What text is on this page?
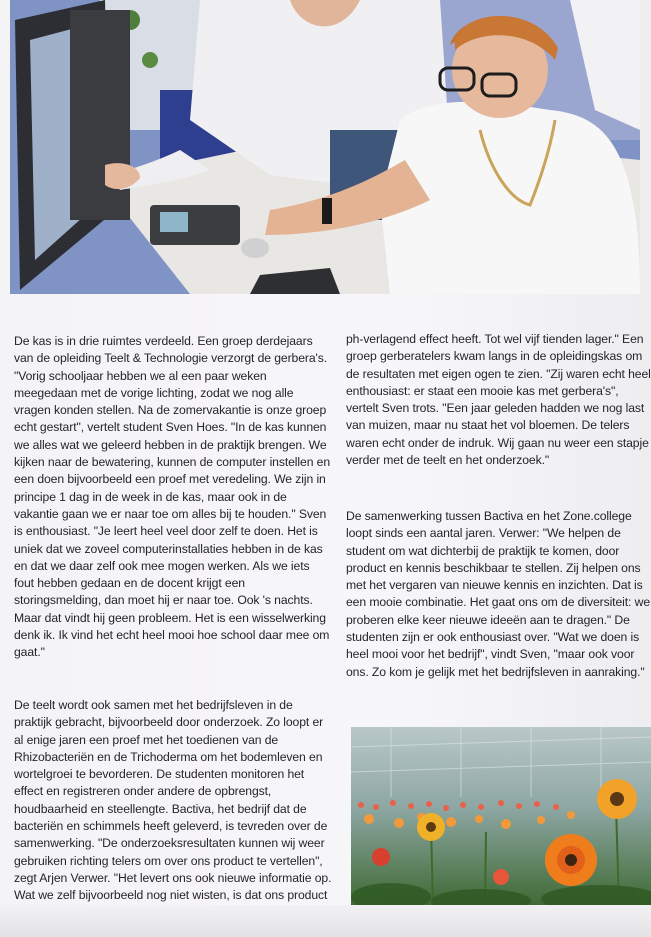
De kas is in drie ruimtes verdeeld. Een groep derdejaars van de opleiding Teelt & Technologie verzorgt de gerbera's. "Vorig schooljaar hebben we al een paar weken meegedaan met de vorige lichting, zodat we nog alle vragen konden stellen. Na de zomervakantie is onze groep echt gestart", vertelt student Sven Hoes. "In de kas kunnen we alles wat we geleerd hebben in de praktijk brengen. We kijken naar de bewatering, kunnen de computer instellen en een doen bijvoorbeeld een proef met veredeling. We zijn in principe 1 dag in de week in de kas, maar ook in de vakantie gaan we er naar toe om alles bij te houden." Sven is enthousiast. "Je leert heel veel door zelf te doen. Het is uniek dat we zoveel computerinstallaties hebben in de kas en dat we daar zelf ook mee mogen werken. Als we iets fout hebben gedaan en de docent krijgt een storingsmelding, dan moet hij er naar toe. Ook 's nachts. Maar dat vindt hij geen probleem. Het is een wisselwerking denk ik. Ik vind het echt heel mooi hoe school daar mee om gaat."

De teelt wordt ook samen met het bedrijfsleven in de praktijk gebracht, bijvoorbeeld door onderzoek. Zo loopt er al enige jaren een proef met het toedienen van de Rhizobacteriën en de Trichoderma om het bodemleven en wortelgroei te bevorderen. De studenten monitoren het effect en registreren onder andere de opbrengst, houdbaarheid en steellengte. Bactiva, het bedrijf dat de bacteriën en schimmels heeft geleverd, is tevreden over de samenwerking. "De onderzoeksresultaten kunnen wij weer gebruiken richting telers om over ons product te vertellen", zegt Arjen Verwer. "Het levert ons ook nieuwe informatie op. Wat we zelf bijvoorbeeld nog niet wisten, is dat ons product

ph-verlagend effect heeft. Tot wel vijf tienden lager." Een groep gerberatelers kwam langs in de opleidingskas om de resultaten met eigen ogen te zien. "Zij waren echt heel enthousiast: er staat een mooie kas met gerbera's", vertelt Sven trots. "Een jaar geleden hadden we nog last van muizen, maar nu staat het vol bloemen. De telers waren echt onder de indruk. Wij gaan nu weer een stapje verder met de teelt en het onderzoek."

De samenwerking tussen Bactiva en het Zone.college loopt sinds een aantal jaren. Verwer: "We helpen de student om wat dichterbij de praktijk te komen, door product en kennis beschikbaar te stellen. Zij helpen ons met het vergaren van nieuwe kennis en inzichten. Dat is een mooie combinatie. Het gaat ons om de diversiteit: we proberen elke keer nieuwe ideeën aan te dragen." De studenten zijn er ook enthousiast over. "Wat we doen is heel mooi voor het bedrijf", vindt Sven, "maar ook voor ons. Zo kom je gelijk met het bedrijfsleven in aanraking."
